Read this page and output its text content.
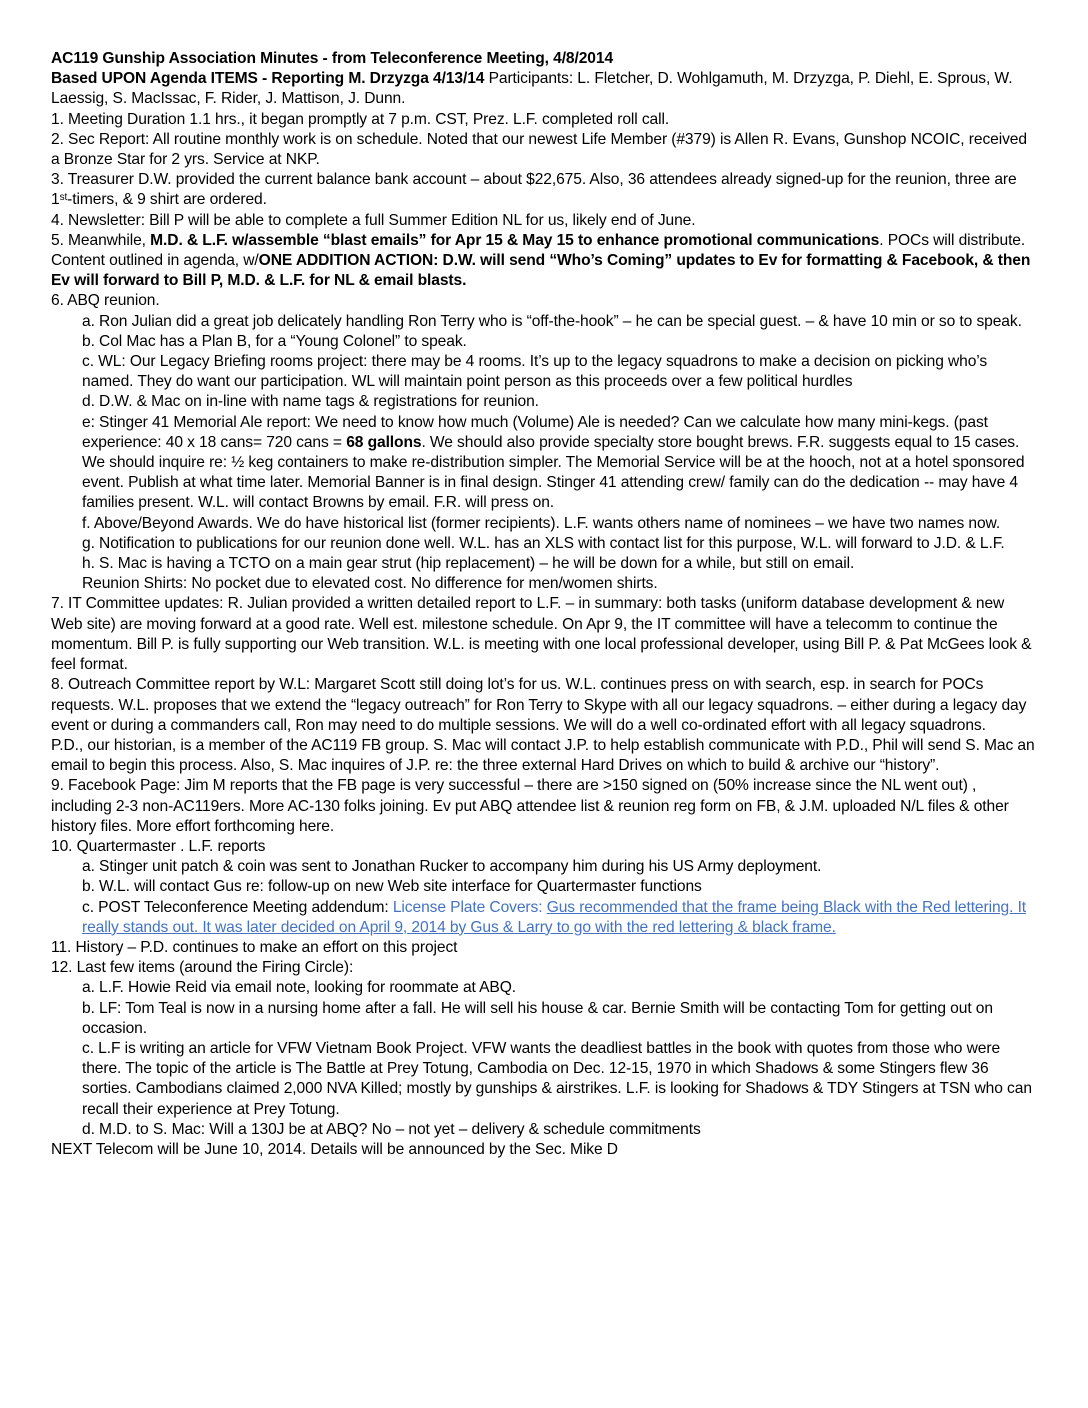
AC119 Gunship Association Minutes - from Teleconference Meeting, 4/8/2014

Based UPON Agenda ITEMS - Reporting M. Drzyzga 4/13/14 Participants: L. Fletcher, D. Wohlgamuth, M. Drzyzga, P. Diehl, E. Sprous, W. Laessig, S. MacIssac, F. Rider, J. Mattison, J. Dunn.

1. Meeting Duration 1.1 hrs., it began promptly at 7 p.m. CST, Prez. L.F. completed roll call.

2. Sec Report: All routine monthly work is on schedule. Noted that our newest Life Member (#379) is Allen R. Evans, Gunshop NCOIC, received a Bronze Star for 2 yrs. Service at NKP.

3. Treasurer D.W. provided the current balance bank account – about $22,675. Also, 36 attendees already signed-up for the reunion, three are 1st-timers, & 9 shirt are ordered.

4. Newsletter: Bill P will be able to complete a full Summer Edition NL for us, likely end of June.

5. Meanwhile, M.D. & L.F. w/assemble “blast emails” for Apr 15 & May 15 to enhance promotional communications. POCs will distribute. Content outlined in agenda, w/ONE ADDITION ACTION: D.W. will send “Who’s Coming” updates to Ev for formatting & Facebook, & then Ev will forward to Bill P, M.D. & L.F. for NL & email blasts.

6. ABQ reunion.

a. Ron Julian did a great job delicately handling Ron Terry who is “off-the-hook” – he can be special guest. – & have 10 min or so to speak.

b. Col Mac has a Plan B, for a “Young Colonel” to speak.

c. WL: Our Legacy Briefing rooms project: there may be 4 rooms. It’s up to the legacy squadrons to make a decision on picking who’s named. They do want our participation. WL will maintain point person as this proceeds over a few political hurdles

d. D.W. & Mac on in-line with name tags & registrations for reunion.

e: Stinger 41 Memorial Ale report: We need to know how much (Volume) Ale is needed? Can we calculate how many mini-kegs. (past experience: 40 x 18 cans= 720 cans = 68 gallons. We should also provide specialty store bought brews. F.R. suggests equal to 15 cases. We should inquire re: ½ keg containers to make re-distribution simpler. The Memorial Service will be at the hooch, not at a hotel sponsored event. Publish at what time later. Memorial Banner is in final design. Stinger 41 attending crew/ family can do the dedication -- may have 4 families present. W.L. will contact Browns by email. F.R. will press on.

f. Above/Beyond Awards. We do have historical list (former recipients). L.F. wants others name of nominees – we have two names now.

g. Notification to publications for our reunion done well. W.L. has an XLS with contact list for this purpose, W.L. will forward to J.D. & L.F.

h. S. Mac is having a TCTO on a main gear strut (hip replacement) – he will be down for a while, but still on email.

Reunion Shirts: No pocket due to elevated cost. No difference for men/women shirts.

7. IT Committee updates: R. Julian provided a written detailed report to L.F. – in summary: both tasks (uniform database development & new Web site) are moving forward at a good rate. Well est. milestone schedule. On Apr 9, the IT committee will have a telecomm to continue the momentum. Bill P. is fully supporting our Web transition. W.L. is meeting with one local professional developer, using Bill P. & Pat McGees look & feel format.

8. Outreach Committee report by W.L: Margaret Scott still doing lot’s for us. W.L. continues press on with search, esp. in search for POCs requests. W.L. proposes that we extend the “legacy outreach” for Ron Terry to Skype with all our legacy squadrons. – either during a legacy day event or during a commanders call, Ron may need to do multiple sessions. We will do a well co-ordinated effort with all legacy squadrons.

P.D., our historian, is a member of the AC119 FB group. S. Mac will contact J.P. to help establish communicate with P.D., Phil will send S. Mac an email to begin this process. Also, S. Mac inquires of J.P. re: the three external Hard Drives on which to build & archive our “history”.

9. Facebook Page: Jim M reports that the FB page is very successful – there are >150 signed on (50% increase since the NL went out) , including 2-3 non-AC119ers. More AC-130 folks joining. Ev put ABQ attendee list & reunion reg form on FB, & J.M. uploaded N/L files & other history files. More effort forthcoming here.

10. Quartermaster . L.F. reports

a. Stinger unit patch & coin was sent to Jonathan Rucker to accompany him during his US Army deployment.

b. W.L. will contact Gus re: follow-up on new Web site interface for Quartermaster functions

c. POST Teleconference Meeting addendum: License Plate Covers: Gus recommended that the frame being Black with the Red lettering. It really stands out. It was later decided on April 9, 2014 by Gus & Larry to go with the red lettering & black frame.

11. History – P.D. continues to make an effort on this project

12. Last few items (around the Firing Circle):

a. L.F. Howie Reid via email note, looking for roommate at ABQ.

b. LF: Tom Teal is now in a nursing home after a fall. He will sell his house & car. Bernie Smith will be contacting Tom for getting out on occasion.

c. L.F is writing an article for VFW Vietnam Book Project. VFW wants the deadliest battles in the book with quotes from those who were there. The topic of the article is The Battle at Prey Totung, Cambodia on Dec. 12-15, 1970 in which Shadows & some Stingers flew 36 sorties. Cambodians claimed 2,000 NVA Killed; mostly by gunships & airstrikes. L.F. is looking for Shadows & TDY Stingers at TSN who can recall their experience at Prey Totung.

d. M.D. to S. Mac: Will a 130J be at ABQ? No – not yet – delivery & schedule commitments

NEXT Telecom will be June 10, 2014. Details will be announced by the Sec. Mike D
